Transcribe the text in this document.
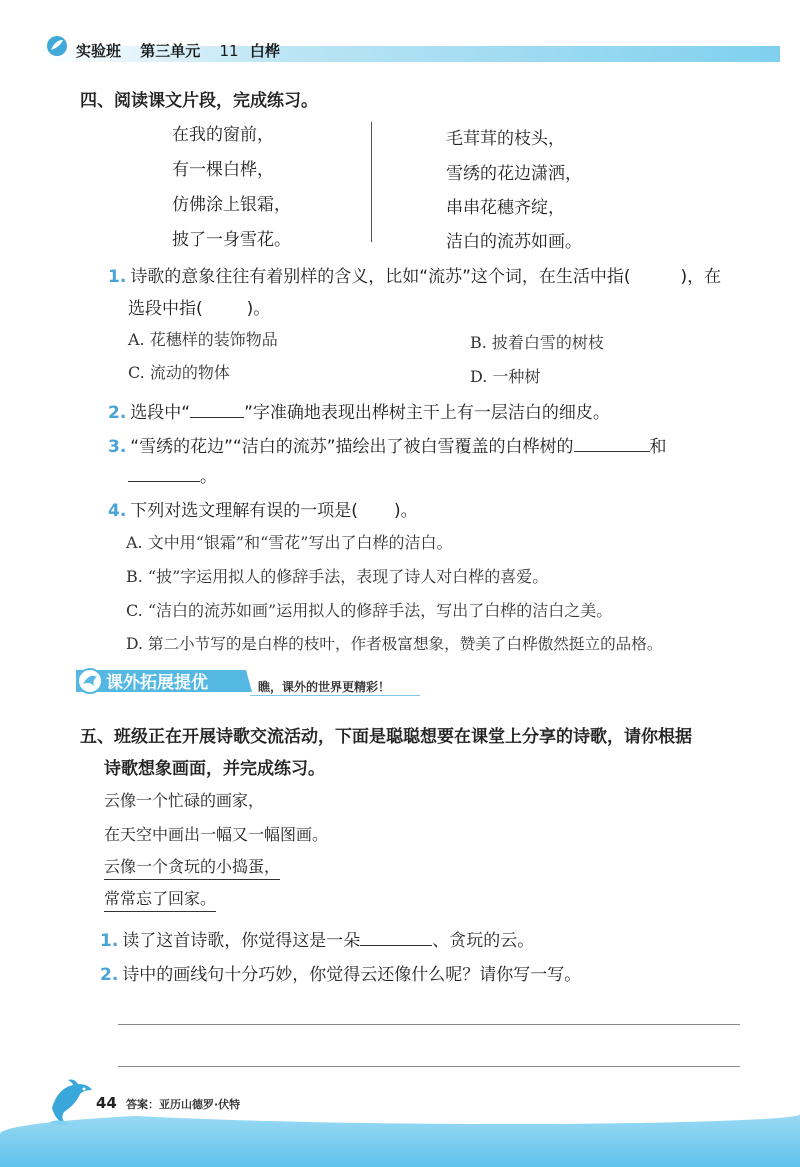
实验班 第三单元 11 白桦
四、阅读课文片段，完成练习。
在我的窗前，
有一棵白桦，
仿佛涂上银霜，
披了一身雪花。
毛茸茸的枝头，
雪绣的花边潇洒，
串串花穗齐绽，
洁白的流苏如画。
1. 诗歌的意象往往有着别样的含义，比如“流苏”这个词，在生活中指(	)，在
选段中指(	)。
A. 花穗样的装饰物品	B. 披着白雪的树枝
C. 流动的物体	D. 一种树
2. 选段中“	”字准确地表现出桦树主干上有一层洁白的细皮。
3. “雪绣的花边”“洁白的流苏”描绘出了被白雪覆盖的白桦树的	和
。
4. 下列对选文理解有误的一项是( )。
A. 文中用“银霜”和“雪花”写出了白桦的洁白。
B. “披”字运用拟人的修辞手法，表现了诗人对白桦的喜爱。
C. “洁白的流苏如画”运用拟人的修辞手法，写出了白桦的洁白之美。
D. 第二小节写的是白桦的枝叶，作者极富想象，赞美了白桦傲然挺立的品格。
课外拓展提优	瞧，课外的世界更精彩！
五、班级正在开展诗歌交流活动，下面是聪聪想要在课堂上分享的诗歌，请你根据
诗歌想象画面，并完成练习。
云像一个忙碌的画家，
在天空中画出一幅又一幅图画。
云像一个贪玩的小捣蛋，
常常忘了回家。
1. 读了这首诗歌，你觉得这是一朵	、贪玩的云。
2. 诗中的画线句十分巧妙，你觉得云还像什么呢？请你写一写。
44 答案：亚历山德罗·伏特
